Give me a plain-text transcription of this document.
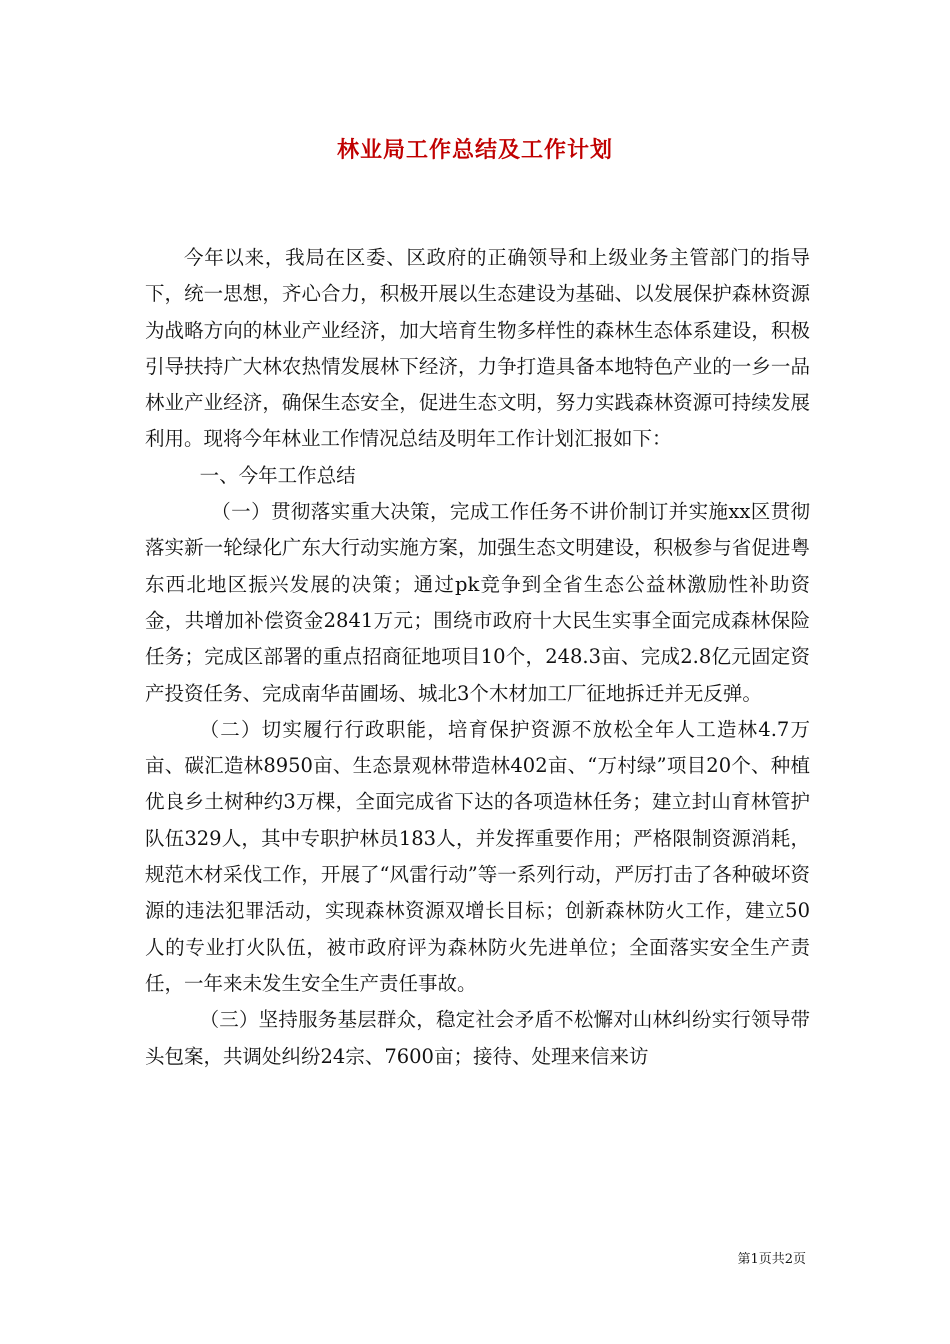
林业局工作总结及工作计划

今年以来，我局在区委、区政府的正确领导和上级业务主管部门的指导下，统一思想，齐心合力，积极开展以生态建设为基础、以发展保护森林资源为战略方向的林业产业经济，加大培育生物多样性的森林生态体系建设，积极引导扶持广大林农热情发展林下经济，力争打造具备本地特色产业的一乡一品林业产业经济，确保生态安全，促进生态文明，努力实践森林资源可持续发展利用。现将今年林业工作情况总结及明年工作计划汇报如下：

一、今年工作总结

（一）贯彻落实重大决策，完成工作任务不讲价制订并实施xx区贯彻落实新一轮绿化广东大行动实施方案，加强生态文明建设，积极参与省促进粤东西北地区振兴发展的决策；通过pk竞争到全省生态公益林激励性补助资金，共增加补偿资金2841万元；围绕市政府十大民生实事全面完成森林保险任务；完成区部署的重点招商征地项目10个，248.3亩、完成2.8亿元固定资产投资任务、完成南华苗圃场、城北3个木材加工厂征地拆迁并无反弹。

（二）切实履行行政职能，培育保护资源不放松全年人工造林4.7万亩、碳汇造林8950亩、生态景观林带造林402亩、“万村绿”项目20个、种植优良乡土树种约3万棵，全面完成省下达的各项造林任务；建立封山育林管护队伍329人，其中专职护林员183人，并发挥重要作用；严格限制资源消耗，规范木材采伐工作，开展了“风雷行动”等一系列行动，严厉打击了各种破坏资源的违法犯罪活动，实现森林资源双增长目标；创新森林防火工作，建立50人的专业打火队伍，被市政府评为森林防火先进单位；全面落实安全生产责任，一年来未发生安全生产责任事故。

（三）坚持服务基层群众，稳定社会矛盾不松懈对山林纠纷实行领导带头包案，共调处纠纷24宗、7600亩；接待、处理来信来访

第1页共2页
